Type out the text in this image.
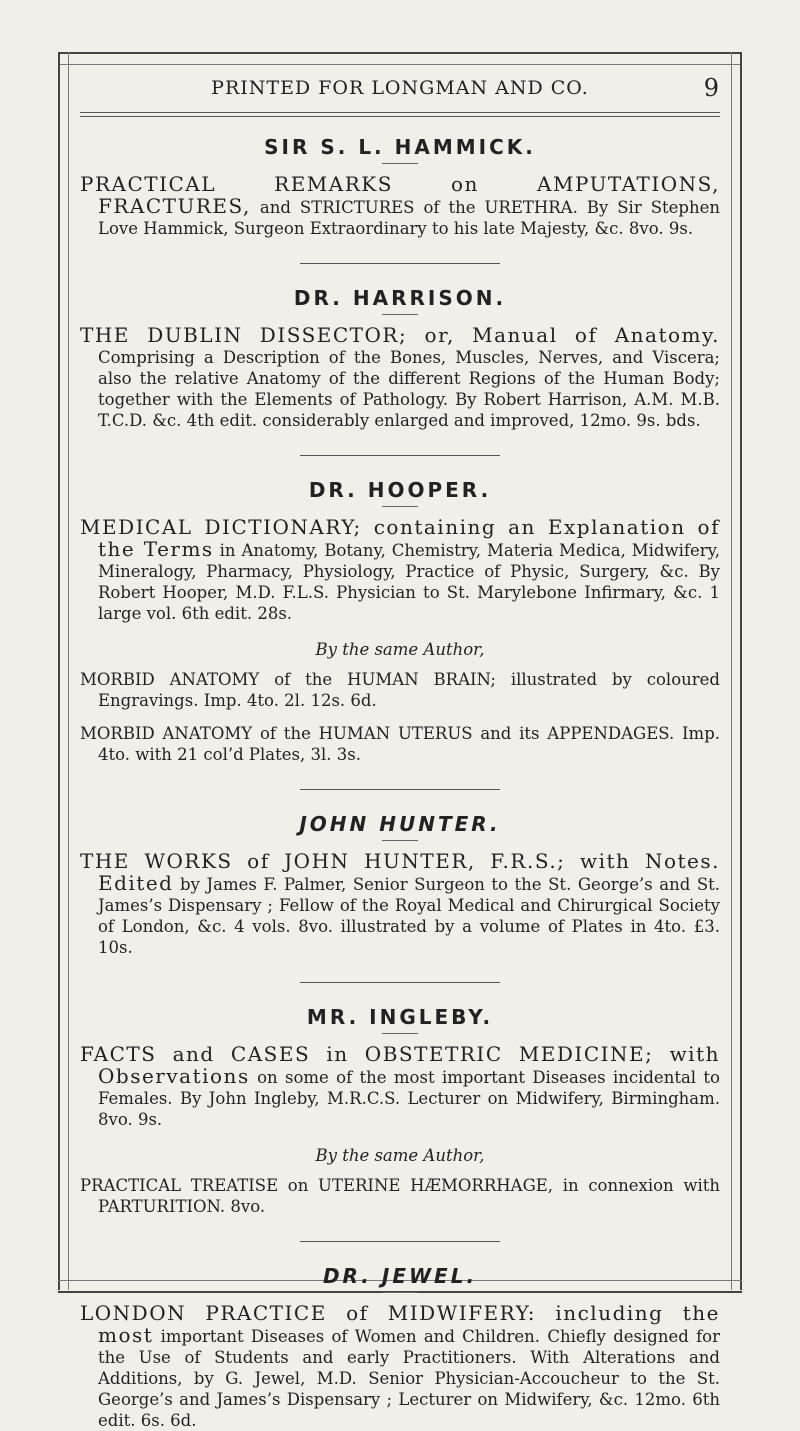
PRINTED FOR LONGMAN AND CO.	9
SIR S. L. HAMMICK.

PRACTICAL REMARKS on AMPUTATIONS, FRACTURES, and STRICTURES of the URETHRA. By Sir Stephen Love Hammick, Surgeon Extraordinary to his late Majesty, &c. 8vo. 9s.

DR. HARRISON.

THE DUBLIN DISSECTOR; or, Manual of Anatomy. Comprising a Description of the Bones, Muscles, Nerves, and Viscera; also the relative Anatomy of the different Regions of the Human Body; together with the Elements of Pathology. By Robert Harrison, A.M. M.B. T.C.D. &c. 4th edit. considerably enlarged and improved, 12mo. 9s. bds.

DR. HOOPER.

MEDICAL DICTIONARY; containing an Explanation of the Terms in Anatomy, Botany, Chemistry, Materia Medica, Midwifery, Mineralogy, Pharmacy, Physiology, Practice of Physic, Surgery, &c. By Robert Hooper, M.D. F.L.S. Physician to St. Marylebone Infirmary, &c. 1 large vol. 6th edit. 28s.

By the same Author,

MORBID ANATOMY of the HUMAN BRAIN; illustrated by coloured Engravings. Imp. 4to. 2l. 12s. 6d.

MORBID ANATOMY of the HUMAN UTERUS and its APPENDAGES. Imp. 4to. with 21 col’d Plates, 3l. 3s.

JOHN HUNTER.

THE WORKS of JOHN HUNTER, F.R.S.; with Notes. Edited by James F. Palmer, Senior Surgeon to the St. George’s and St. James’s Dispensary ; Fellow of the Royal Medical and Chirurgical Society of London, &c. 4 vols. 8vo. illustrated by a volume of Plates in 4to. £3. 10s.

MR. INGLEBY.

FACTS and CASES in OBSTETRIC MEDICINE; with Observations on some of the most important Diseases incidental to Females. By John Ingleby, M.R.C.S. Lecturer on Midwifery, Birmingham. 8vo. 9s.

By the same Author,

PRACTICAL TREATISE on UTERINE HÆMORRHAGE, in connexion with PARTURITION. 8vo.

DR. JEWEL.

LONDON PRACTICE of MIDWIFERY: including the most important Diseases of Women and Children. Chiefly designed for the Use of Students and early Practitioners. With Alterations and Additions, by G. Jewel, M.D. Senior Physician-Accoucheur to the St. George’s and James’s Dispensary ; Lecturer on Midwifery, &c. 12mo. 6th edit. 6s. 6d.
